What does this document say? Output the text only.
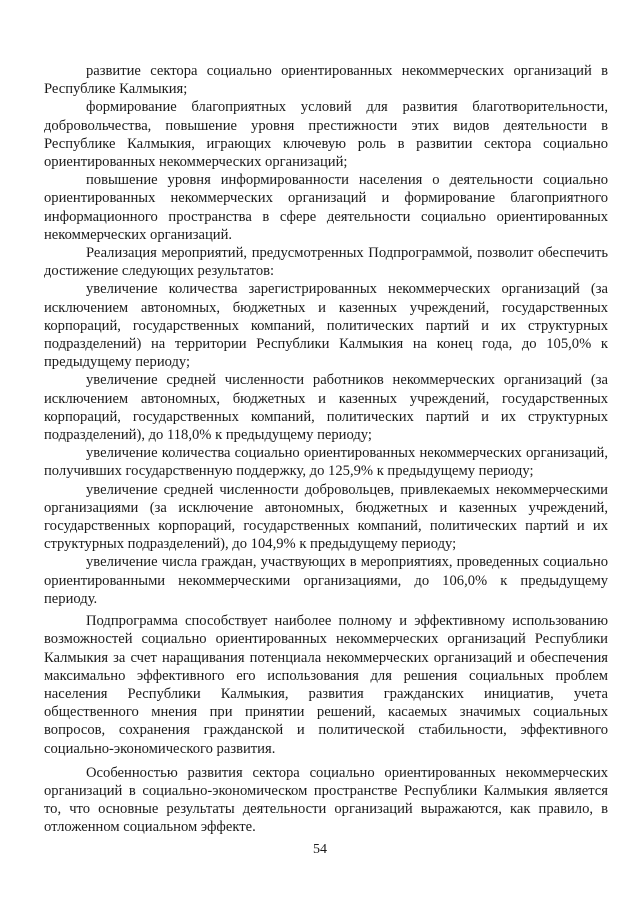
развитие сектора социально ориентированных некоммерческих организаций в Республике Калмыкия;

формирование благоприятных условий для развития благотворительности, добровольчества, повышение уровня престижности этих видов деятельности в Республике Калмыкия, играющих ключевую роль в развитии сектора социально ориентированных некоммерческих организаций;

повышение уровня информированности населения о деятельности социально ориентированных некоммерческих организаций и формирование благоприятного информационного пространства в сфере деятельности социально ориентированных некоммерческих организаций.

Реализация мероприятий, предусмотренных Подпрограммой, позволит обеспечить достижение следующих результатов:

увеличение количества зарегистрированных некоммерческих организаций (за исключением автономных, бюджетных и казенных учреждений, государственных корпораций, государственных компаний, политических партий и их структурных подразделений) на территории Республики Калмыкия на конец года, до 105,0% к предыдущему периоду;

увеличение средней численности работников некоммерческих организаций (за исключением автономных, бюджетных и казенных учреждений, государственных корпораций, государственных компаний, политических партий и их структурных подразделений), до 118,0% к предыдущему периоду;

увеличение количества социально ориентированных некоммерческих организаций, получивших государственную поддержку, до 125,9% к предыдущему периоду;

увеличение средней численности добровольцев, привлекаемых некоммерческими организациями (за исключение автономных, бюджетных и казенных учреждений, государственных корпораций, государственных компаний, политических партий и их структурных подразделений), до 104,9% к предыдущему периоду;

увеличение числа граждан, участвующих в мероприятиях, проведенных социально ориентированными некоммерческими организациями, до 106,0% к предыдущему периоду.

Подпрограмма способствует наиболее полному и эффективному использованию возможностей социально ориентированных некоммерческих организаций Республики Калмыкия за счет наращивания потенциала некоммерческих организаций и обеспечения максимально эффективного его использования для решения социальных проблем населения Республики Калмыкия, развития гражданских инициатив, учета общественного мнения при принятии решений, касаемых значимых социальных вопросов, сохранения гражданской и политической стабильности, эффективного социально-экономического развития.

Особенностью развития сектора социально ориентированных некоммерческих организаций в социально-экономическом пространстве Республики Калмыкия является то, что основные результаты деятельности организаций выражаются, как правило, в отложенном социальном эффекте.

54
